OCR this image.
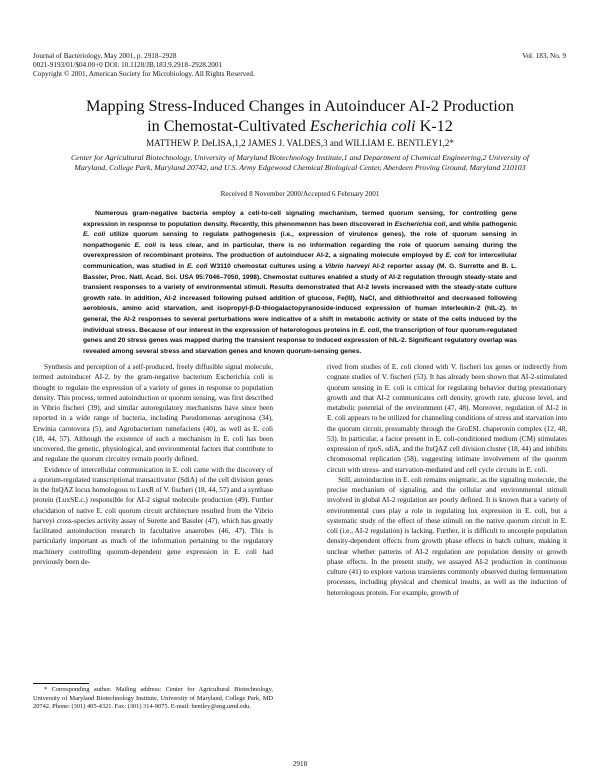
Journal of Bacteriology, May 2001, p. 2918–2928
0021-9193/01/$04.00+0 DOI: 10.1128/JB.183.9.2918–2928.2001
Copyright © 2001, American Society for Microbiology. All Rights Reserved.
Vol. 183, No. 9
Mapping Stress-Induced Changes in Autoinducer AI-2 Production
in Chemostat-Cultivated Escherichia coli K-12
MATTHEW P. DeLISA,1,2 JAMES J. VALDES,3 and WILLIAM E. BENTLEY1,2*
Center for Agricultural Biotechnology, University of Maryland Biotechnology Institute,1 and Department of Chemical Engineering,2 University of Maryland, College Park, Maryland 20742, and U.S. Army Edgewood Chemical Biological Center, Aberdeen Proving Ground, Maryland 210103
Received 8 November 2000/Accepted 6 February 2001
Numerous gram-negative bacteria employ a cell-to-cell signaling mechanism, termed quorum sensing, for controlling gene expression in response to population density. Recently, this phenomenon has been discovered in Escherichia coli, and while pathogenic E. coli utilize quorum sensing to regulate pathogenesis (i.e., expression of virulence genes), the role of quorum sensing in nonpathogenic E. coli is less clear, and in particular, there is no information regarding the role of quorum sensing during the overexpression of recombinant proteins. The production of autoinducer AI-2, a signaling molecule employed by E. coli for intercellular communication, was studied in E. coli W3110 chemostat cultures using a Vibrio harveyi AI-2 reporter assay (M. G. Surrette and B. L. Bassler, Proc. Natl. Acad. Sci. USA 95:7046–7050, 1998). Chemostat cultures enabled a study of AI-2 regulation through steady-state and transient responses to a variety of environmental stimuli. Results demonstrated that AI-2 levels increased with the steady-state culture growth rate. In addition, AI-2 increased following pulsed addition of glucose, Fe(III), NaCl, and dithiothreitol and decreased following aerobiosis, amino acid starvation, and isopropyl-β-D-thiogalactopyranoside-induced expression of human interleukin-2 (hIL-2). In general, the AI-2 responses to several perturbations were indicative of a shift in metabolic activity or state of the cells induced by the individual stress. Because of our interest in the expression of heterologous proteins in E. coli, the transcription of four quorum-regulated genes and 20 stress genes was mapped during the transient response to induced expression of hIL-2. Significant regulatory overlap was revealed among several stress and starvation genes and known quorum-sensing genes.

Synthesis and perception of a self-produced, freely diffusible signal molecule, termed autoinducer AI-2, by the gram-negative bacterium Escherichia coli is thought to regulate the expression of a variety of genes in response to population density. This process, termed autoinduction or quorum sensing, was first described in Vibrio fischeri (39), and similar autoregulatory mechanisms have since been reported in a wide range of bacteria, including Pseudomonas aeruginosa (34), Erwinia carotovora (5), and Agrobacterium tumefaciens (40), as well as E. coli (18, 44, 57). Although the existence of such a mechanism in E. coli has been uncovered, the genetic, physiological, and environmental factors that contribute to and regulate the quorum circuitry remain poorly defined.

Evidence of intercellular communication in E. coli came with the discovery of a quorum-regulated transcriptional transactivator (SdiA) of the cell division genes in the ftsQAZ locus homologous to LuxR of V. fischeri (18, 44, 57) and a synthase protein (LuxSE.c.) responsible for AI-2 signal molecule production (49). Further elucidation of native E. coli quorum circuit architecture resulted from the Vibrio harveyi cross-species activity assay of Surette and Bassler (47), which has greatly facilitated autoinduction research in facultative anaerobes (46, 47). This is particularly important as much of the information pertaining to the regulatory machinery controlling quorum-dependent gene expression in E. coli had previously been de-

rived from studies of E. coli cloned with V. fischeri lux genes or indirectly from cognate studies of V. fischeri (53). It has already been shown that AI-2-stimulated quorum sensing in E. coli is critical for regulating behavior during prestationary growth and that AI-2 communicates cell density, growth rate, glucose level, and metabolic potential of the environment (47, 48). Moreover, regulation of AI-2 in E. coli appears to be utilized for channeling conditions of stress and starvation into the quorum circuit, presumably through the GroESL chaperonin complex (12, 48, 53). In particular, a factor present in E. coli-conditioned medium (CM) stimulates expression of rpoS, sdiA, and the ftsQAZ cell division cluster (18, 44) and inhibits chromosomal replication (58), suggesting intimate involvement of the quorum circuit with stress- and starvation-mediated and cell cycle circuits in E. coli.

Still, autoinduction in E. coli remains enigmatic, as the signaling molecule, the precise mechanism of signaling, and the cellular and environmental stimuli involved in global AI-2 regulation are poorly defined. It is known that a variety of environmental cues play a role in regulating lux expression in E. coli, but a systematic study of the effect of these stimuli on the native quorum circuit in E. coli (i.e., AI-2 regulation) is lacking. Further, it is difficult to uncouple population density-dependent effects from growth phase effects in batch culture, making it unclear whether patterns of AI-2 regulation are population density or growth phase effects. In the present study, we assayed AI-2 production in continuous culture (41) to explore various transients commonly observed during fermentation processes, including physical and chemical insults, as well as the induction of heterologous protein. For example, growth of

* Corresponding author. Mailing address: Center for Agricultural Biotechnology, University of Maryland Biotechnology Institute, University of Maryland, College Park, MD 20742. Phone: (301) 405-4321. Fax: (301) 314-9075. E-mail: bentley@eng.umd.edu.
2918
